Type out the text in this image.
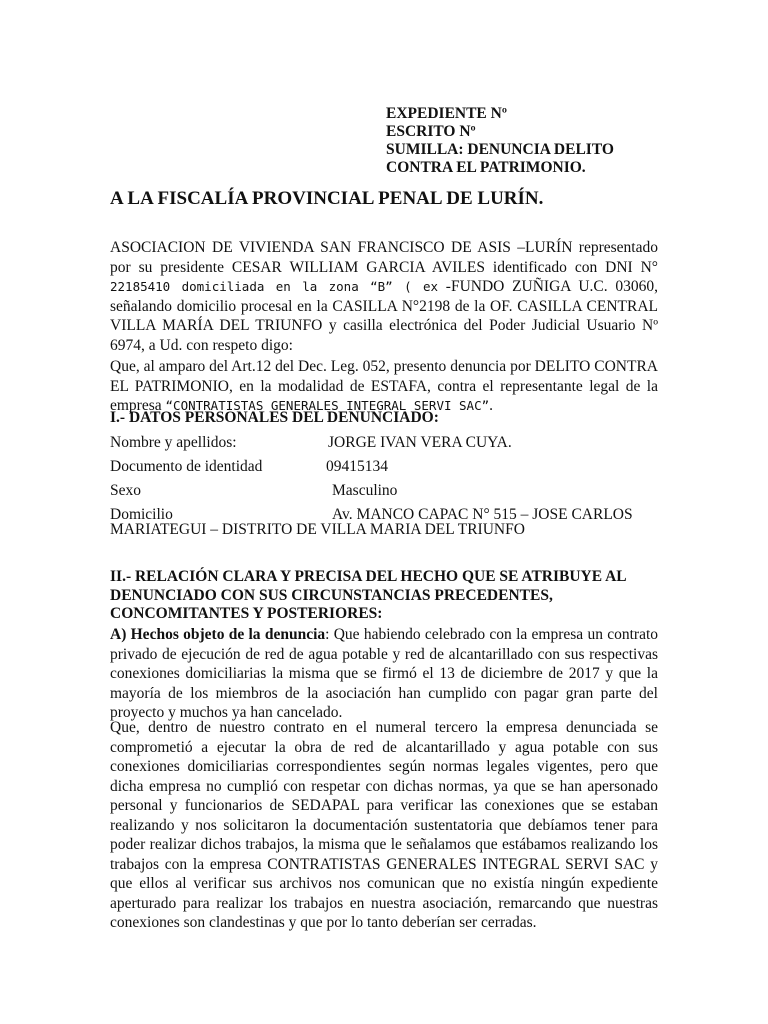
EXPEDIENTE Nº
ESCRITO Nº
SUMILLA: DENUNCIA DELITO
CONTRA EL PATRIMONIO.
A LA FISCALÍA PROVINCIAL PENAL DE LURÍN.
ASOCIACION DE VIVIENDA SAN FRANCISCO DE ASIS –LURÍN representado por su presidente CESAR WILLIAM GARCIA AVILES identificado con DNI N° 22185410 domiciliada en la zona “B” ( ex -FUNDO ZUÑIGA U.C. 03060, señalando domicilio procesal en la CASILLA N°2198 de la OF. CASILLA CENTRAL VILLA MARÍA DEL TRIUNFO y casilla electrónica del Poder Judicial Usuario Nº 6974, a Ud. con respeto digo:
Que, al amparo del Art.12 del Dec. Leg. 052, presento denuncia por DELITO CONTRA EL PATRIMONIO, en la modalidad de ESTAFA, contra el representante legal de la empresa “CONTRATISTAS GENERALES INTEGRAL SERVI SAC”.
I.- DATOS PERSONALES DEL DENUNCIADO:
Nombre y apellidos:	JORGE IVAN VERA CUYA.
Documento de identidad	09415134
Sexo	Masculino
Domicilio	Av. MANCO CAPAC N° 515 – JOSE CARLOS
MARIATEGUI – DISTRITO DE VILLA MARIA DEL TRIUNFO
II.- RELACIÓN CLARA Y PRECISA DEL HECHO QUE SE ATRIBUYE AL DENUNCIADO CON SUS CIRCUNSTANCIAS PRECEDENTES, CONCOMITANTES Y POSTERIORES:
A) Hechos objeto de la denuncia: Que habiendo celebrado con la empresa un contrato privado de ejecución de red de agua potable y red de alcantarillado con sus respectivas conexiones domiciliarias la misma que se firmó el 13 de diciembre de 2017 y que la mayoría de los miembros de la asociación han cumplido con pagar gran parte del proyecto y muchos ya han cancelado.
Que, dentro de nuestro contrato en el numeral tercero la empresa denunciada se comprometió a ejecutar la obra de red de alcantarillado y agua potable con sus conexiones domiciliarias correspondientes según normas legales vigentes, pero que dicha empresa no cumplió con respetar con dichas normas, ya que se han apersonado personal y funcionarios de SEDAPAL para verificar las conexiones que se estaban realizando y nos solicitaron la documentación sustentatoria que debíamos tener para poder realizar dichos trabajos, la misma que le señalamos que estábamos realizando los trabajos con la empresa CONTRATISTAS GENERALES INTEGRAL SERVI SAC y que ellos al verificar sus archivos nos comunican que no existía ningún expediente aperturado para realizar los trabajos en nuestra asociación, remarcando que nuestras conexiones son clandestinas y que por lo tanto deberían ser cerradas.
